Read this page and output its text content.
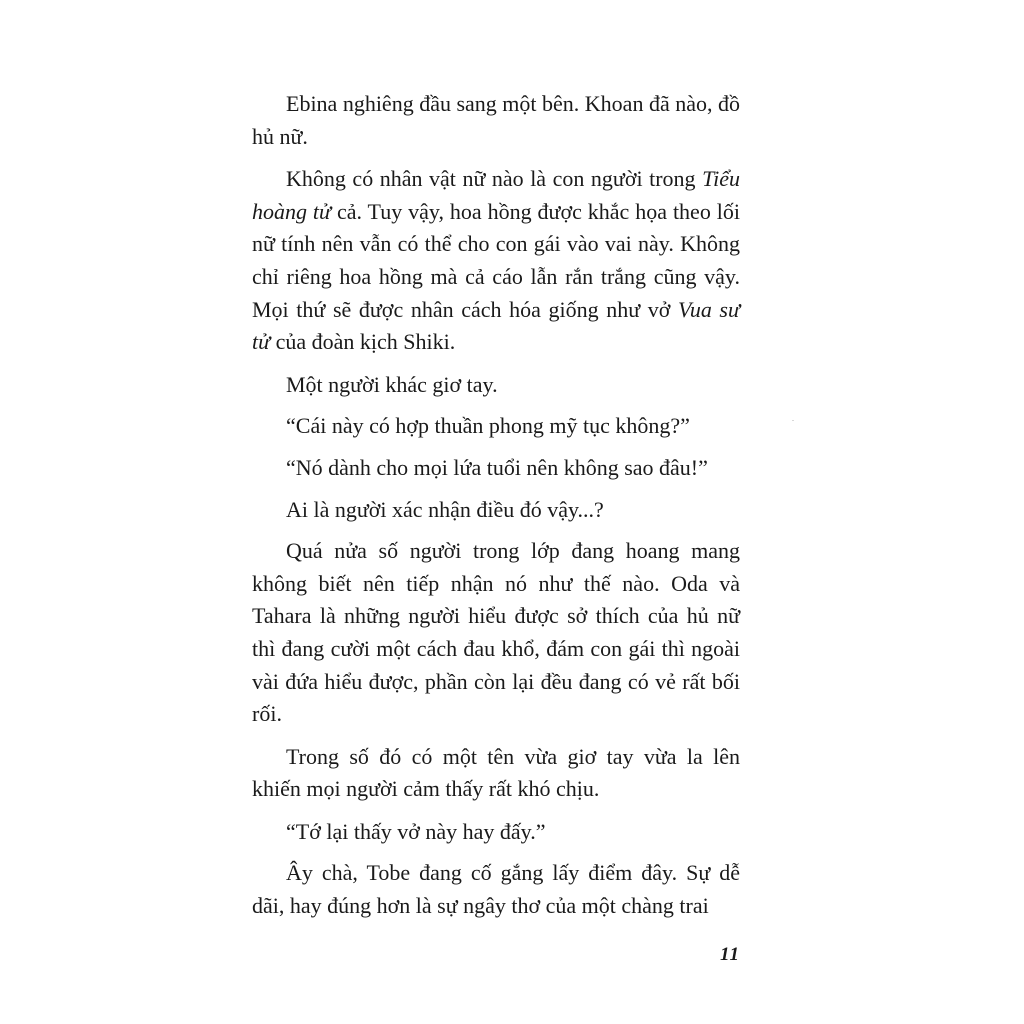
Ebina nghiêng đầu sang một bên. Khoan đã nào, đồ hủ nữ.

Không có nhân vật nữ nào là con người trong Tiểu hoàng tử cả. Tuy vậy, hoa hồng được khắc họa theo lối nữ tính nên vẫn có thể cho con gái vào vai này. Không chỉ riêng hoa hồng mà cả cáo lẫn rắn trắng cũng vậy. Mọi thứ sẽ được nhân cách hóa giống như vở Vua sư tử của đoàn kịch Shiki.

Một người khác giơ tay.

“Cái này có hợp thuần phong mỹ tục không?”

“Nó dành cho mọi lứa tuổi nên không sao đâu!”

Ai là người xác nhận điều đó vậy...?

Quá nửa số người trong lớp đang hoang mang không biết nên tiếp nhận nó như thế nào. Oda và Tahara là những người hiểu được sở thích của hủ nữ thì đang cười một cách đau khổ, đám con gái thì ngoài vài đứa hiểu được, phần còn lại đều đang có vẻ rất bối rối.

Trong số đó có một tên vừa giơ tay vừa la lên khiến mọi người cảm thấy rất khó chịu.

“Tớ lại thấy vở này hay đấy.”

Ây chà, Tobe đang cố gắng lấy điểm đây. Sự dễ dãi, hay đúng hơn là sự ngây thơ của một chàng trai

11
